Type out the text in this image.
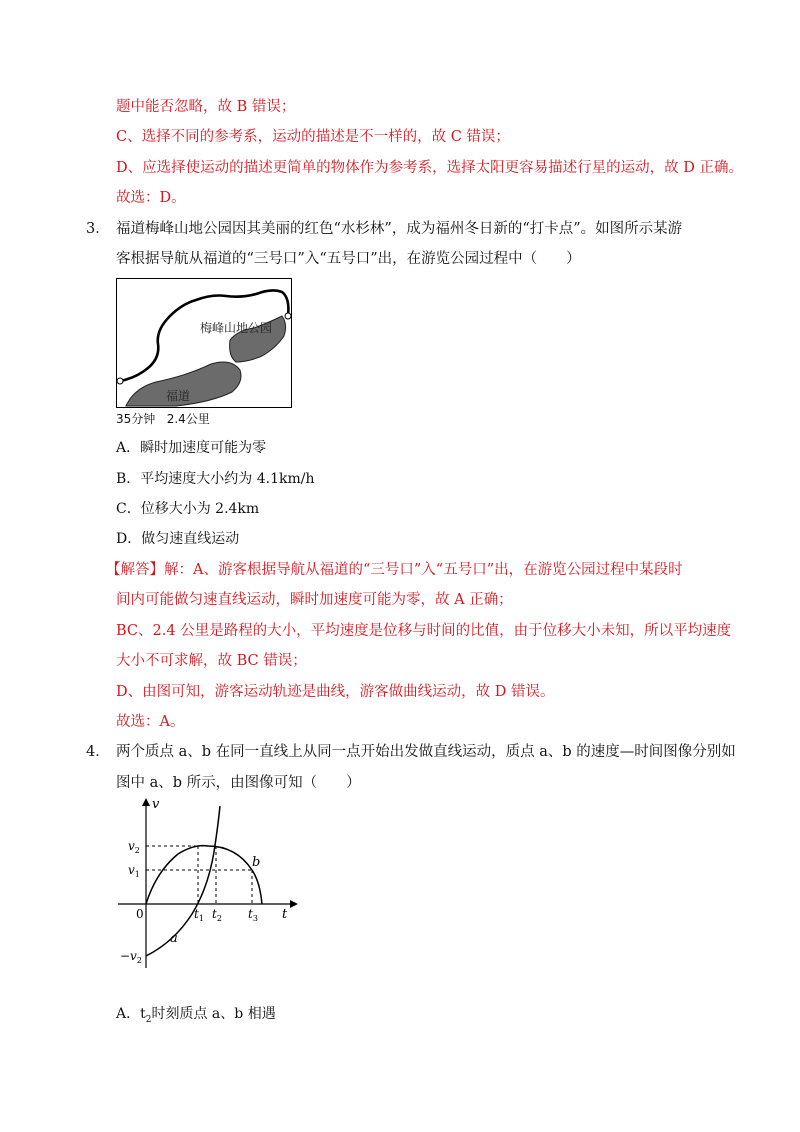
题中能否忽略，故 B 错误；
C、选择不同的参考系，运动的描述是不一样的，故 C 错误；
D、应选择使运动的描述更简单的物体作为参考系，选择太阳更容易描述行星的运动，故 D 正确。
故选：D。
3． 福道梅峰山地公园因其美丽的红色“水杉林”，成为福州冬日新的“打卡点”。如图所示某游
客根据导航从福道的“三号口”入“五号口”出，在游览公园过程中（　　）
梅峰山地公园
福道
35分钟 2.4公里
A．瞬时加速度可能为零
B．平均速度大小约为 4.1km/h
C．位移大小为 2.4km
D．做匀速直线运动
【解答】解：A、游客根据导航从福道的“三号口”入“五号口”出，在游览公园过程中某段时
间内可能做匀速直线运动，瞬时加速度可能为零，故 A 正确；
BC、2.4 公里是路程的大小，平均速度是位移与时间的比值，由于位移大小未知，所以平均速度
大小不可求解，故 BC 错误；
D、由图可知，游客运动轨迹是曲线，游客做曲线运动，故 D 错误。
故选：A。
4． 两个质点 a、b 在同一直线上从同一点开始出发做直线运动，质点 a、b 的速度—时间图像分别如
图中 a、b 所示，由图像可知（　　）
v
t
0
$v_2$
$v_1$
$-v_2$
$t_1$ $t_2$ $t_3$
a
b
A．$t_2$时刻质点 a、b 相遇
